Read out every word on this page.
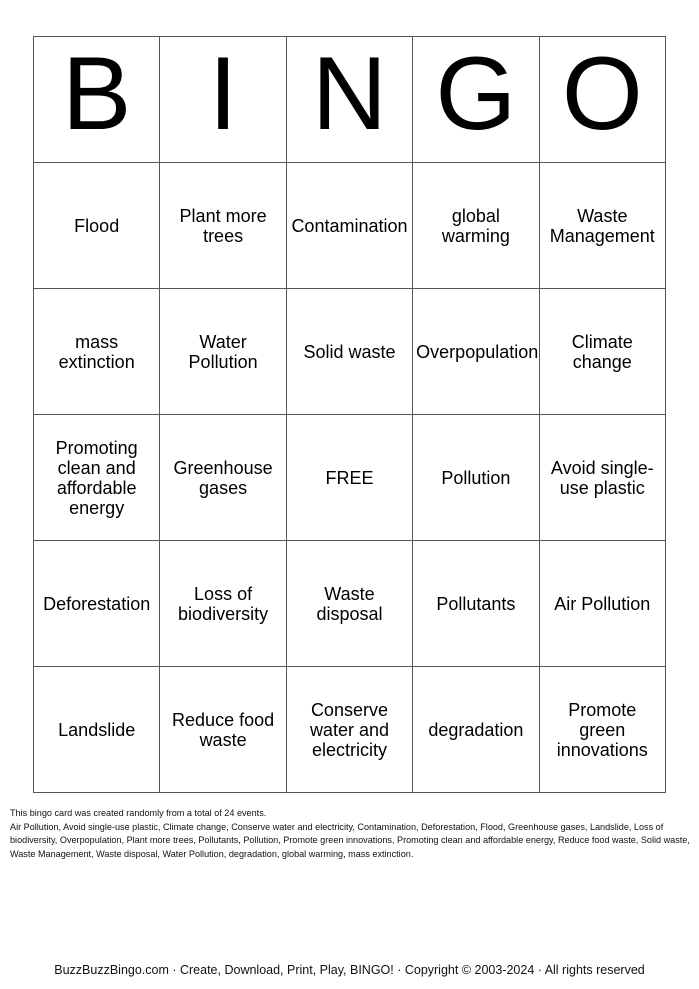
B	I	N	G	O
Flood	Plant more trees	Contamination	global warming	Waste Management
mass extinction	Water Pollution	Solid waste	Overpopulation	Climate change
Promoting clean and affordable energy	Greenhouse gases	FREE	Pollution	Avoid single-use plastic
Deforestation	Loss of biodiversity	Waste disposal	Pollutants	Air Pollution
Landslide	Reduce food waste	Conserve water and electricity	degradation	Promote green innovations

This bingo card was created randomly from a total of 24 events.

Air Pollution, Avoid single-use plastic, Climate change, Conserve water and electricity, Contamination, Deforestation, Flood, Greenhouse gases, Landslide, Loss of biodiversity, Overpopulation, Plant more trees, Pollutants, Pollution, Promote green innovations, Promoting clean and affordable energy, Reduce food waste, Solid waste, Waste Management, Waste disposal, Water Pollution, degradation, global warming, mass extinction.

BuzzBuzzBingo.com · Create, Download, Print, Play, BINGO! · Copyright © 2003-2024 · All rights reserved
